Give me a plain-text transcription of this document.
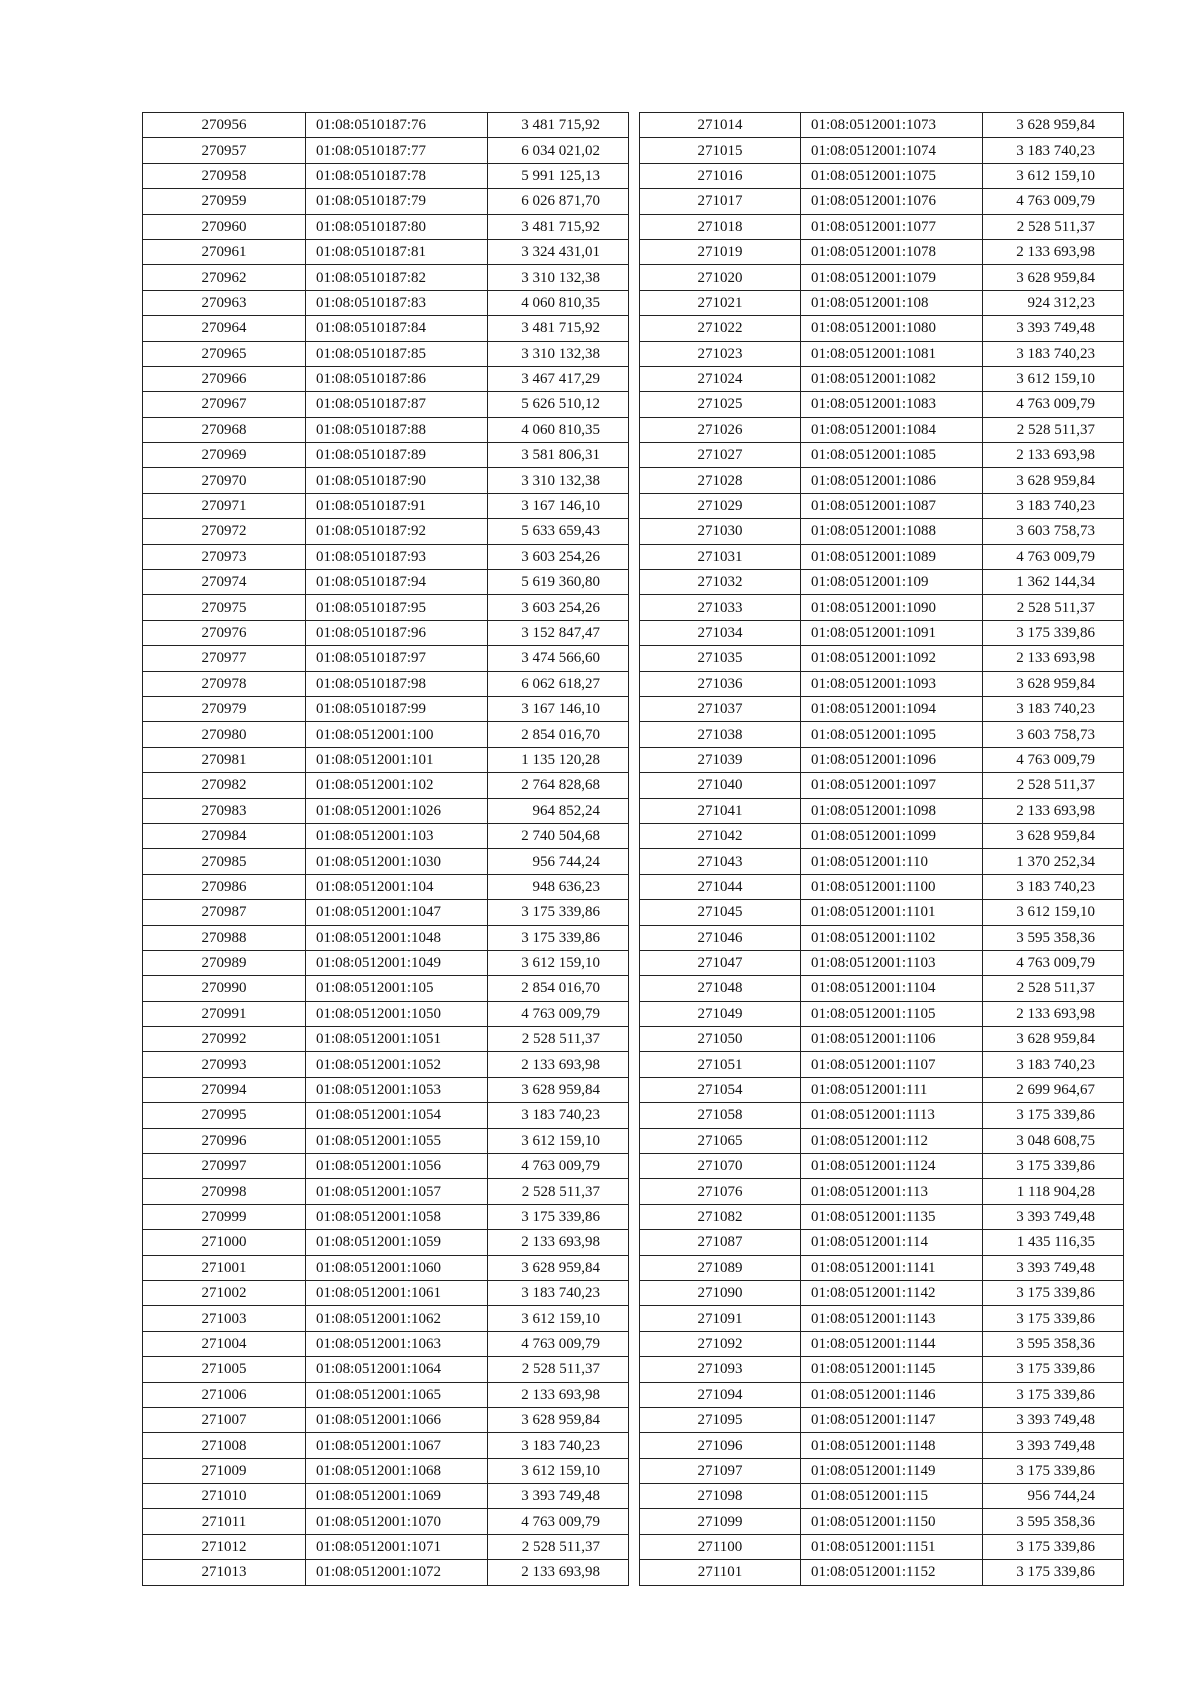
270956	01:08:0510187:76	3 481 715,92
270957	01:08:0510187:77	6 034 021,02
270958	01:08:0510187:78	5 991 125,13
270959	01:08:0510187:79	6 026 871,70
270960	01:08:0510187:80	3 481 715,92
270961	01:08:0510187:81	3 324 431,01
270962	01:08:0510187:82	3 310 132,38
270963	01:08:0510187:83	4 060 810,35
270964	01:08:0510187:84	3 481 715,92
270965	01:08:0510187:85	3 310 132,38
270966	01:08:0510187:86	3 467 417,29
270967	01:08:0510187:87	5 626 510,12
270968	01:08:0510187:88	4 060 810,35
270969	01:08:0510187:89	3 581 806,31
270970	01:08:0510187:90	3 310 132,38
270971	01:08:0510187:91	3 167 146,10
270972	01:08:0510187:92	5 633 659,43
270973	01:08:0510187:93	3 603 254,26
270974	01:08:0510187:94	5 619 360,80
270975	01:08:0510187:95	3 603 254,26
270976	01:08:0510187:96	3 152 847,47
270977	01:08:0510187:97	3 474 566,60
270978	01:08:0510187:98	6 062 618,27
270979	01:08:0510187:99	3 167 146,10
270980	01:08:0512001:100	2 854 016,70
270981	01:08:0512001:101	1 135 120,28
270982	01:08:0512001:102	2 764 828,68
270983	01:08:0512001:1026	964 852,24
270984	01:08:0512001:103	2 740 504,68
270985	01:08:0512001:1030	956 744,24
270986	01:08:0512001:104	948 636,23
270987	01:08:0512001:1047	3 175 339,86
270988	01:08:0512001:1048	3 175 339,86
270989	01:08:0512001:1049	3 612 159,10
270990	01:08:0512001:105	2 854 016,70
270991	01:08:0512001:1050	4 763 009,79
270992	01:08:0512001:1051	2 528 511,37
270993	01:08:0512001:1052	2 133 693,98
270994	01:08:0512001:1053	3 628 959,84
270995	01:08:0512001:1054	3 183 740,23
270996	01:08:0512001:1055	3 612 159,10
270997	01:08:0512001:1056	4 763 009,79
270998	01:08:0512001:1057	2 528 511,37
270999	01:08:0512001:1058	3 175 339,86
271000	01:08:0512001:1059	2 133 693,98
271001	01:08:0512001:1060	3 628 959,84
271002	01:08:0512001:1061	3 183 740,23
271003	01:08:0512001:1062	3 612 159,10
271004	01:08:0512001:1063	4 763 009,79
271005	01:08:0512001:1064	2 528 511,37
271006	01:08:0512001:1065	2 133 693,98
271007	01:08:0512001:1066	3 628 959,84
271008	01:08:0512001:1067	3 183 740,23
271009	01:08:0512001:1068	3 612 159,10
271010	01:08:0512001:1069	3 393 749,48
271011	01:08:0512001:1070	4 763 009,79
271012	01:08:0512001:1071	2 528 511,37
271013	01:08:0512001:1072	2 133 693,98
271014	01:08:0512001:1073	3 628 959,84
271015	01:08:0512001:1074	3 183 740,23
271016	01:08:0512001:1075	3 612 159,10
271017	01:08:0512001:1076	4 763 009,79
271018	01:08:0512001:1077	2 528 511,37
271019	01:08:0512001:1078	2 133 693,98
271020	01:08:0512001:1079	3 628 959,84
271021	01:08:0512001:108	924 312,23
271022	01:08:0512001:1080	3 393 749,48
271023	01:08:0512001:1081	3 183 740,23
271024	01:08:0512001:1082	3 612 159,10
271025	01:08:0512001:1083	4 763 009,79
271026	01:08:0512001:1084	2 528 511,37
271027	01:08:0512001:1085	2 133 693,98
271028	01:08:0512001:1086	3 628 959,84
271029	01:08:0512001:1087	3 183 740,23
271030	01:08:0512001:1088	3 603 758,73
271031	01:08:0512001:1089	4 763 009,79
271032	01:08:0512001:109	1 362 144,34
271033	01:08:0512001:1090	2 528 511,37
271034	01:08:0512001:1091	3 175 339,86
271035	01:08:0512001:1092	2 133 693,98
271036	01:08:0512001:1093	3 628 959,84
271037	01:08:0512001:1094	3 183 740,23
271038	01:08:0512001:1095	3 603 758,73
271039	01:08:0512001:1096	4 763 009,79
271040	01:08:0512001:1097	2 528 511,37
271041	01:08:0512001:1098	2 133 693,98
271042	01:08:0512001:1099	3 628 959,84
271043	01:08:0512001:110	1 370 252,34
271044	01:08:0512001:1100	3 183 740,23
271045	01:08:0512001:1101	3 612 159,10
271046	01:08:0512001:1102	3 595 358,36
271047	01:08:0512001:1103	4 763 009,79
271048	01:08:0512001:1104	2 528 511,37
271049	01:08:0512001:1105	2 133 693,98
271050	01:08:0512001:1106	3 628 959,84
271051	01:08:0512001:1107	3 183 740,23
271054	01:08:0512001:111	2 699 964,67
271058	01:08:0512001:1113	3 175 339,86
271065	01:08:0512001:112	3 048 608,75
271070	01:08:0512001:1124	3 175 339,86
271076	01:08:0512001:113	1 118 904,28
271082	01:08:0512001:1135	3 393 749,48
271087	01:08:0512001:114	1 435 116,35
271089	01:08:0512001:1141	3 393 749,48
271090	01:08:0512001:1142	3 175 339,86
271091	01:08:0512001:1143	3 175 339,86
271092	01:08:0512001:1144	3 595 358,36
271093	01:08:0512001:1145	3 175 339,86
271094	01:08:0512001:1146	3 175 339,86
271095	01:08:0512001:1147	3 393 749,48
271096	01:08:0512001:1148	3 393 749,48
271097	01:08:0512001:1149	3 175 339,86
271098	01:08:0512001:115	956 744,24
271099	01:08:0512001:1150	3 595 358,36
271100	01:08:0512001:1151	3 175 339,86
271101	01:08:0512001:1152	3 175 339,86
